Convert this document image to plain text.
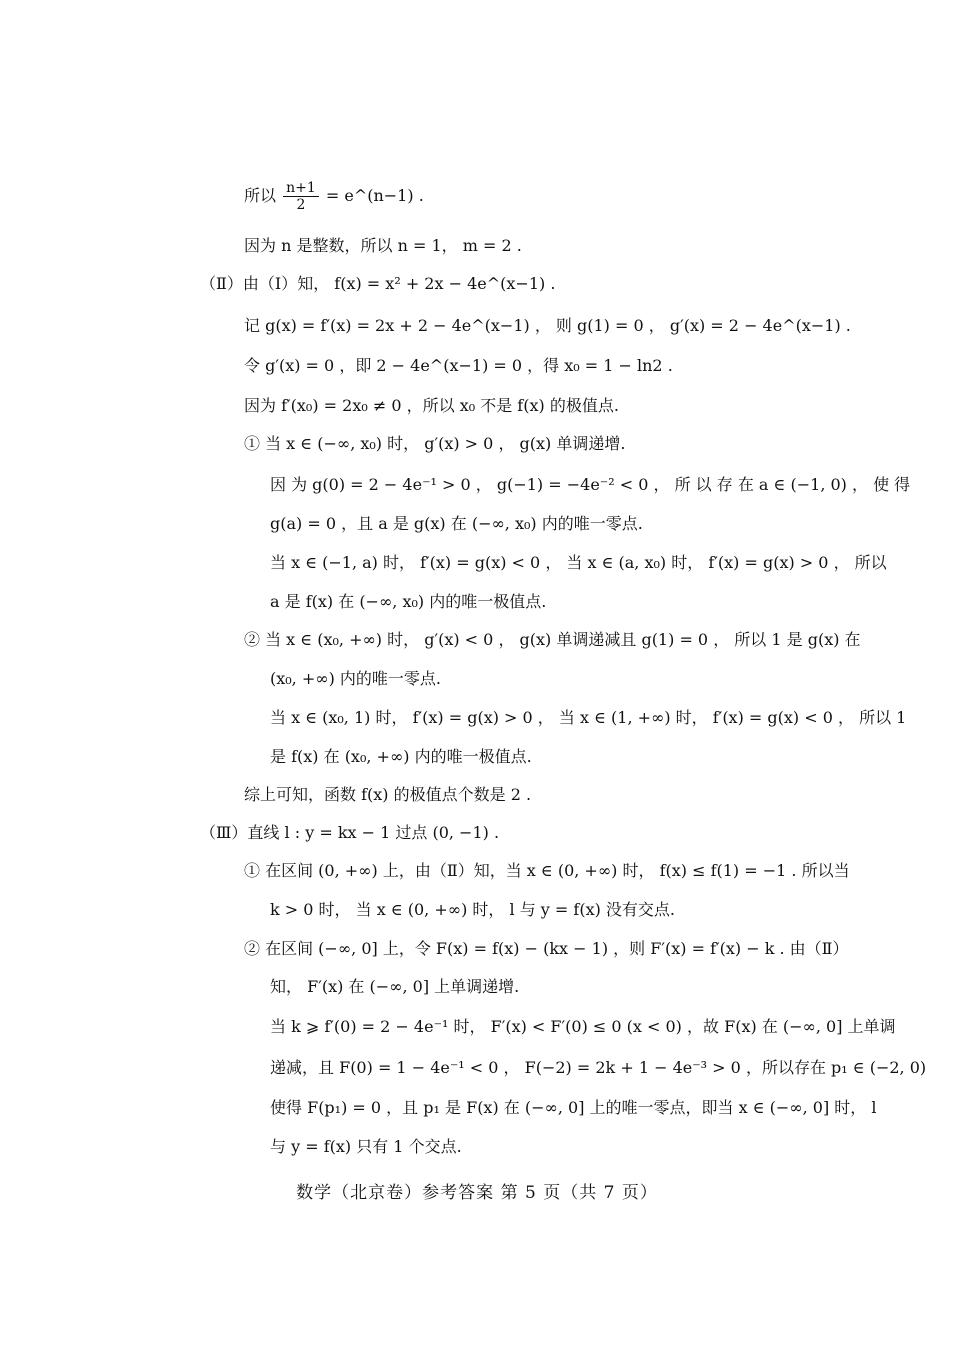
所以 $\frac{n+1}{2}$ = e^(n−1) .
因为 n 是整数，所以 n = 1， m = 2 .
（Ⅱ）由（Ⅰ）知， f(x) = x² + 2x − 4e^(x−1) .
记 g(x) = f′(x) = 2x + 2 − 4e^(x−1) ， 则 g(1) = 0 ， g′(x) = 2 − 4e^(x−1) .
令 g′(x) = 0 ，即 2 − 4e^(x−1) = 0 ，得 x₀ = 1 − ln2 .
因为 f′(x₀) = 2x₀ ≠ 0 ，所以 x₀ 不是 f(x) 的极值点.
① 当 x ∈ (−∞, x₀) 时， g′(x) > 0 ， g(x) 单调递增.
因 为 g(0) = 2 − 4e⁻¹ > 0 ， g(−1) = −4e⁻² < 0 ， 所 以 存 在 a ∈ (−1, 0) ， 使 得
g(a) = 0 ，且 a 是 g(x) 在 (−∞, x₀) 内的唯一零点.
当 x ∈ (−1, a) 时， f′(x) = g(x) < 0 ， 当 x ∈ (a, x₀) 时， f′(x) = g(x) > 0 ， 所以
a 是 f(x) 在 (−∞, x₀) 内的唯一极值点.
② 当 x ∈ (x₀, +∞) 时， g′(x) < 0 ， g(x) 单调递减且 g(1) = 0 ， 所以 1 是 g(x) 在
(x₀, +∞) 内的唯一零点.
当 x ∈ (x₀, 1) 时， f′(x) = g(x) > 0 ， 当 x ∈ (1, +∞) 时， f′(x) = g(x) < 0 ， 所以 1
是 f(x) 在 (x₀, +∞) 内的唯一极值点.
综上可知，函数 f(x) 的极值点个数是 2 .
（Ⅲ）直线 l : y = kx − 1 过点 (0, −1) .
① 在区间 (0, +∞) 上，由（Ⅱ）知，当 x ∈ (0, +∞) 时， f(x) ≤ f(1) = −1 . 所以当
k > 0 时， 当 x ∈ (0, +∞) 时， l 与 y = f(x) 没有交点.
② 在区间 (−∞, 0] 上，令 F(x) = f(x) − (kx − 1) ，则 F′(x) = f′(x) − k . 由（Ⅱ）
知， F′(x) 在 (−∞, 0] 上单调递增.
当 k ⩾ f′(0) = 2 − 4e⁻¹ 时， F′(x) < F′(0) ≤ 0 (x < 0) ，故 F(x) 在 (−∞, 0] 上单调
递减，且 F(0) = 1 − 4e⁻¹ < 0 ， F(−2) = 2k + 1 − 4e⁻³ > 0 ，所以存在 p₁ ∈ (−2, 0)
使得 F(p₁) = 0 ，且 p₁ 是 F(x) 在 (−∞, 0] 上的唯一零点，即当 x ∈ (−∞, 0] 时， l
与 y = f(x) 只有 1 个交点.
数学（北京卷）参考答案 第 5 页（共 7 页）
